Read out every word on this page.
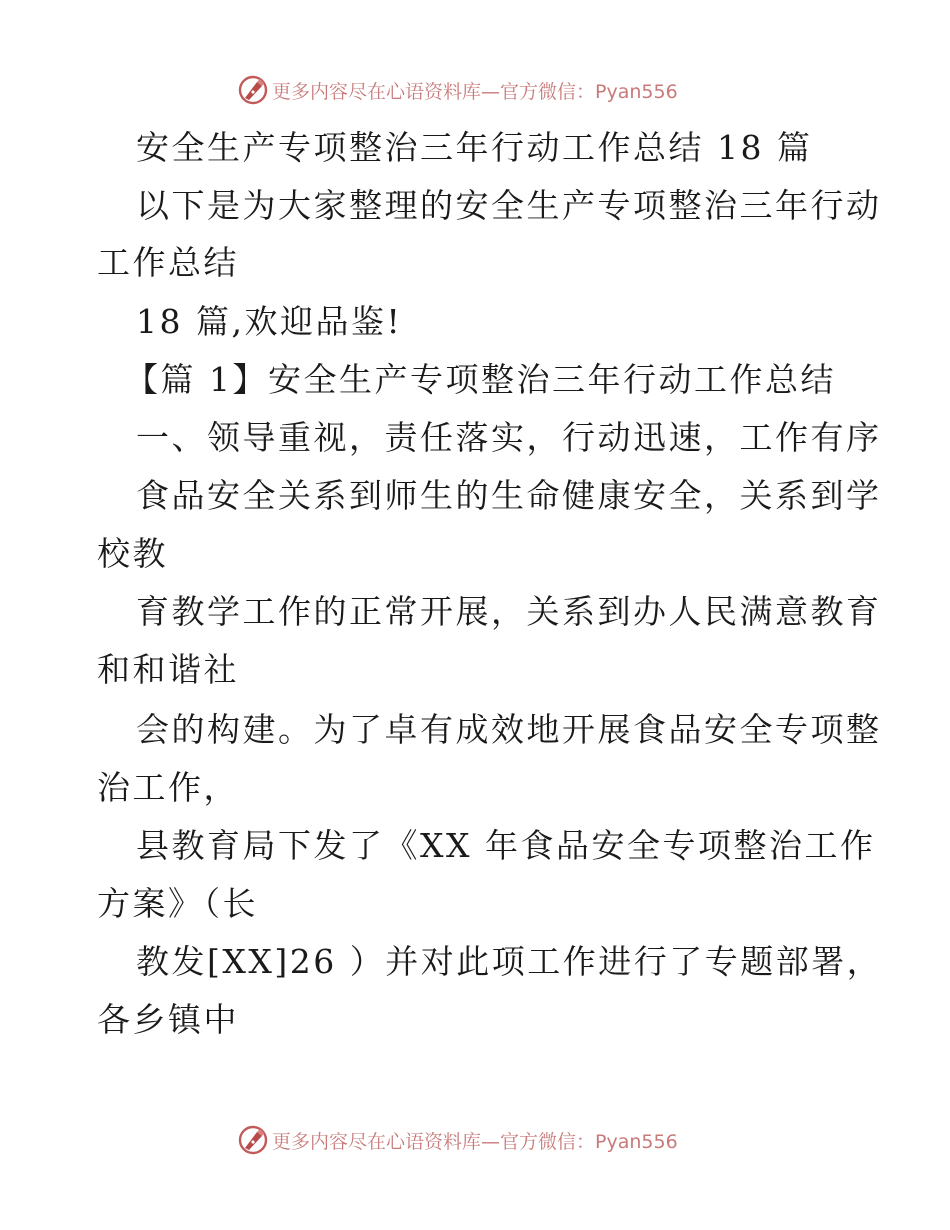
更多内容尽在心语资料库—官方微信：Pyan556
安全生产专项整治三年行动工作总结 18 篇
以下是为大家整理的安全生产专项整治三年行动
工作总结
18 篇,欢迎品鉴!
【篇 1】安全生产专项整治三年行动工作总结
一、领导重视，责任落实，行动迅速，工作有序
食品安全关系到师生的生命健康安全，关系到学
校教
育教学工作的正常开展，关系到办人民满意教育
和和谐社
会的构建。为了卓有成效地开展食品安全专项整
治工作，
县教育局下发了《XX 年食品安全专项整治工作
方案》（长
教发[XX]26 ）并对此项工作进行了专题部署，
各乡镇中
更多内容尽在心语资料库—官方微信：Pyan556
